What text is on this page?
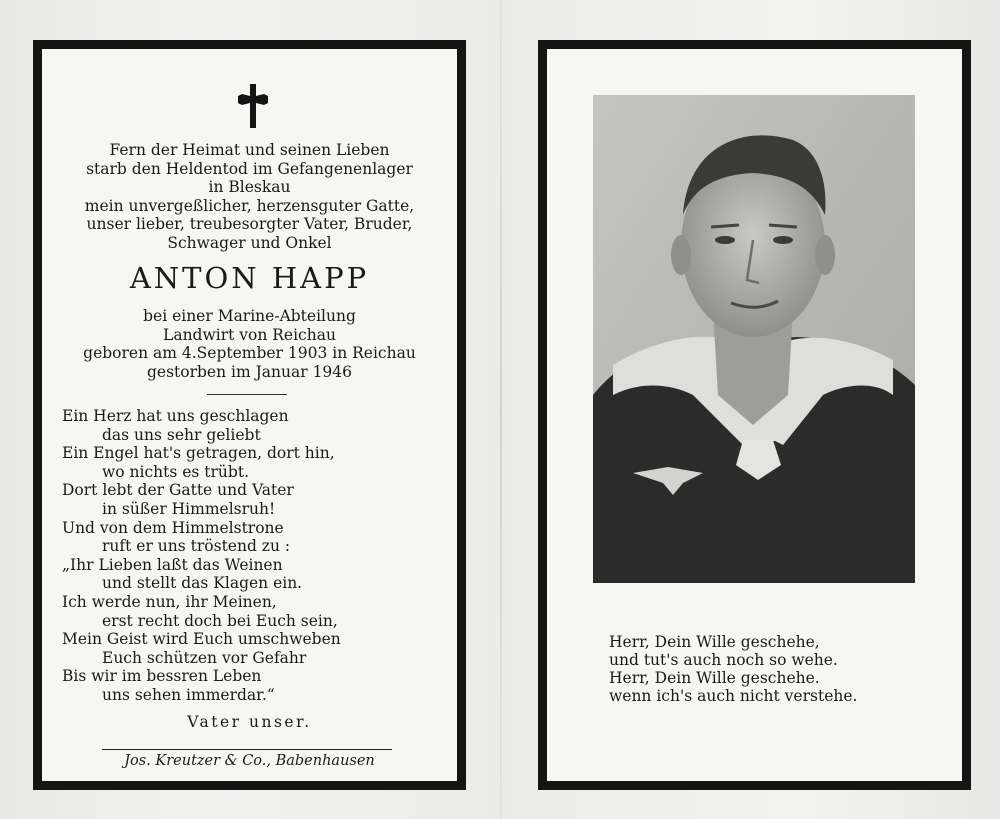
Fern der Heimat und seinen Lieben
starb den Heldentod im Gefangenenlager
in Bleskau
mein unvergeßlicher, herzensguter Gatte,
unser lieber, treubesorgter Vater, Bruder,
Schwager und Onkel
ANTON HAPP
bei einer Marine-Abteilung
Landwirt von Reichau
geboren am 4.September 1903 in Reichau
gestorben im Januar 1946
Ein Herz hat uns geschlagen
das uns sehr geliebt
Ein Engel hat's getragen, dort hin,
wo nichts es trübt.
Dort lebt der Gatte und Vater
in süßer Himmelsruh!
Und von dem Himmelstrone
ruft er uns tröstend zu :
„Ihr Lieben laßt das Weinen
und stellt das Klagen ein.
Ich werde nun, ihr Meinen,
erst recht doch bei Euch sein,
Mein Geist wird Euch umschweben
Euch schützen vor Gefahr
Bis wir im bessren Leben
uns sehen immerdar.“
Vater unser.
Jos. Kreutzer & Co., Babenhausen
Herr, Dein Wille geschehe,
und tut's auch noch so wehe.
Herr, Dein Wille geschehe.
wenn ich's auch nicht verstehe.
